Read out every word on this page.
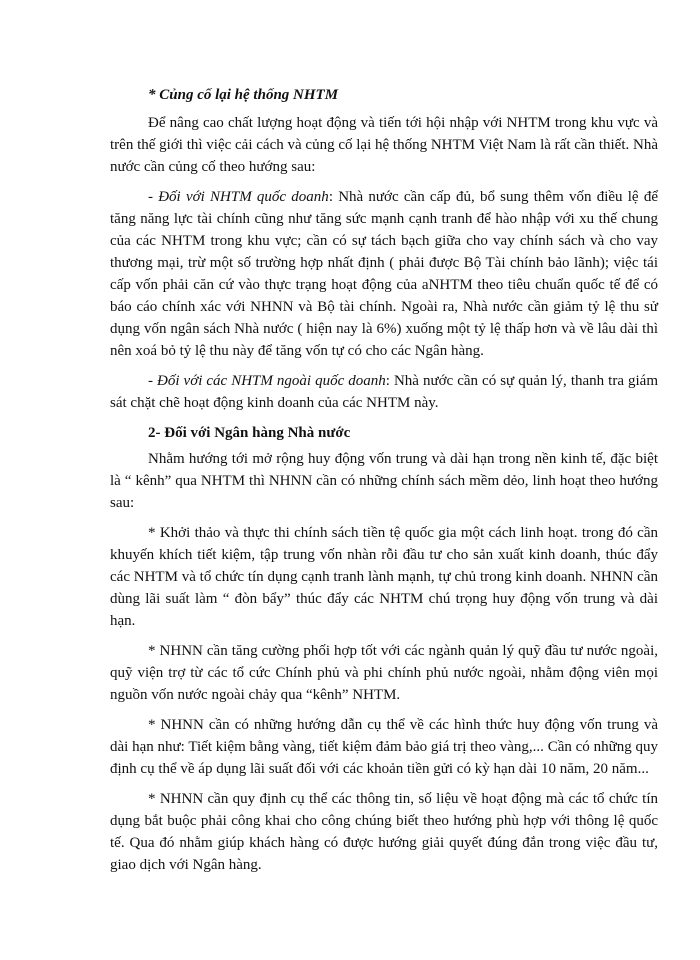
* Củng cố lại hệ thống NHTM

Để nâng cao chất lượng hoạt động và tiến tới hội nhập với NHTM trong khu vực và trên thế giới thì việc cải cách và củng cố lại hệ thống NHTM Việt Nam là rất cần thiết. Nhà nước cần củng cố theo hướng sau:

- Đối với NHTM quốc doanh: Nhà nước cần cấp đủ, bổ sung thêm vốn điều lệ để tăng năng lực tài chính cũng như tăng sức mạnh cạnh tranh để hào nhập với xu thế chung của các NHTM trong khu vực; cần có sự tách bạch giữa cho vay chính sách và cho vay thương mại, trừ một số trường hợp nhất định ( phải được Bộ Tài chính bảo lãnh); việc tái cấp vốn phải căn cứ vào thực trạng hoạt động của aNHTM theo tiêu chuẩn quốc tế để có báo cáo chính xác với NHNN và Bộ tài chính. Ngoài ra, Nhà nước cần giảm tỷ lệ thu sử dụng vốn ngân sách Nhà nước ( hiện nay là 6%) xuống một tỷ lệ thấp hơn và về lâu dài thì nên xoá bỏ tỷ lệ thu này để tăng vốn tự có cho các Ngân hàng.

- Đối với các NHTM ngoài quốc doanh: Nhà nước cần có sự quản lý, thanh tra giám sát chặt chẽ hoạt động kinh doanh của các NHTM này.

2- Đối với Ngân hàng Nhà nước

Nhằm hướng tới mở rộng huy động vốn trung và dài hạn trong nền kinh tế, đặc biệt là “ kênh” qua NHTM thì NHNN cần có những chính sách mềm dẻo, linh hoạt theo hướng sau:

* Khởi thảo và thực thi chính sách tiền tệ quốc gia một cách linh hoạt. trong đó cần khuyến khích tiết kiệm, tập trung vốn nhàn rỗi đầu tư cho sản xuất kinh doanh, thúc đẩy các NHTM và tổ chức tín dụng cạnh tranh lành mạnh, tự chủ trong kinh doanh. NHNN cần dùng lãi suất làm “ đòn bẩy” thúc đẩy các NHTM chú trọng huy động vốn trung và dài hạn.

* NHNN cần tăng cường phối hợp tốt với các ngành quản lý quỹ đầu tư nước ngoài, quỹ viện trợ từ các tổ cức Chính phủ và phi chính phủ nước ngoài, nhằm động viên mọi nguồn vốn nước ngoài chảy qua “kênh” NHTM.

* NHNN cần có những hướng dẫn cụ thể về các hình thức huy động vốn trung và dài hạn như: Tiết kiệm bằng vàng, tiết kiệm đảm bảo giá trị theo vàng,... Cần có những quy định cụ thể về áp dụng lãi suất đối với các khoản tiền gửi có kỳ hạn dài 10 năm, 20 năm...

* NHNN cần quy định cụ thể các thông tin, số liệu về hoạt động mà các tổ chức tín dụng bắt buộc phải công khai cho công chúng biết theo hướng phù hợp với thông lệ quốc tế. Qua đó nhằm giúp khách hàng có được hướng giải quyết đúng đắn trong việc đầu tư, giao dịch với Ngân hàng.
